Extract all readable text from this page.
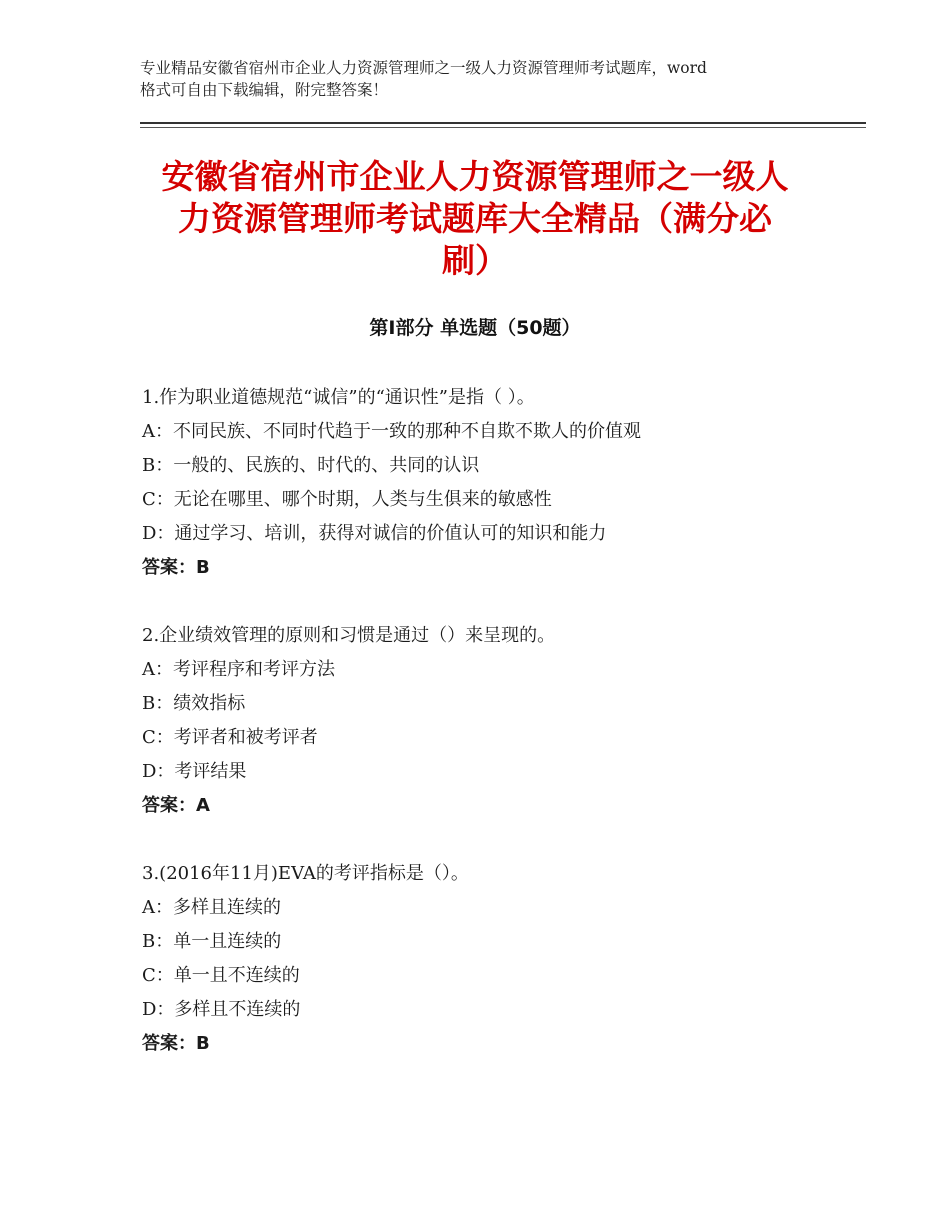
专业精品安徽省宿州市企业人力资源管理师之一级人力资源管理师考试题库，word
格式可自由下载编辑，附完整答案！
安徽省宿州市企业人力资源管理师之一级人
力资源管理师考试题库大全精品（满分必
刷）
第Ⅰ部分 单选题（50题）
1.作为职业道德规范“诚信”的“通识性”是指（ ）。
A：不同民族、不同时代趋于一致的那种不自欺不欺人的价值观
B：一般的、民族的、时代的、共同的认识
C：无论在哪里、哪个时期，人类与生俱来的敏感性
D：通过学习、培训，获得对诚信的价值认可的知识和能力
答案：B
2.企业绩效管理的原则和习惯是通过（）来呈现的。
A：考评程序和考评方法
B：绩效指标
C：考评者和被考评者
D：考评结果
答案：A
3.(2016年11月)EVA的考评指标是（）。
A：多样且连续的
B：单一且连续的
C：单一且不连续的
D：多样且不连续的
答案：B
